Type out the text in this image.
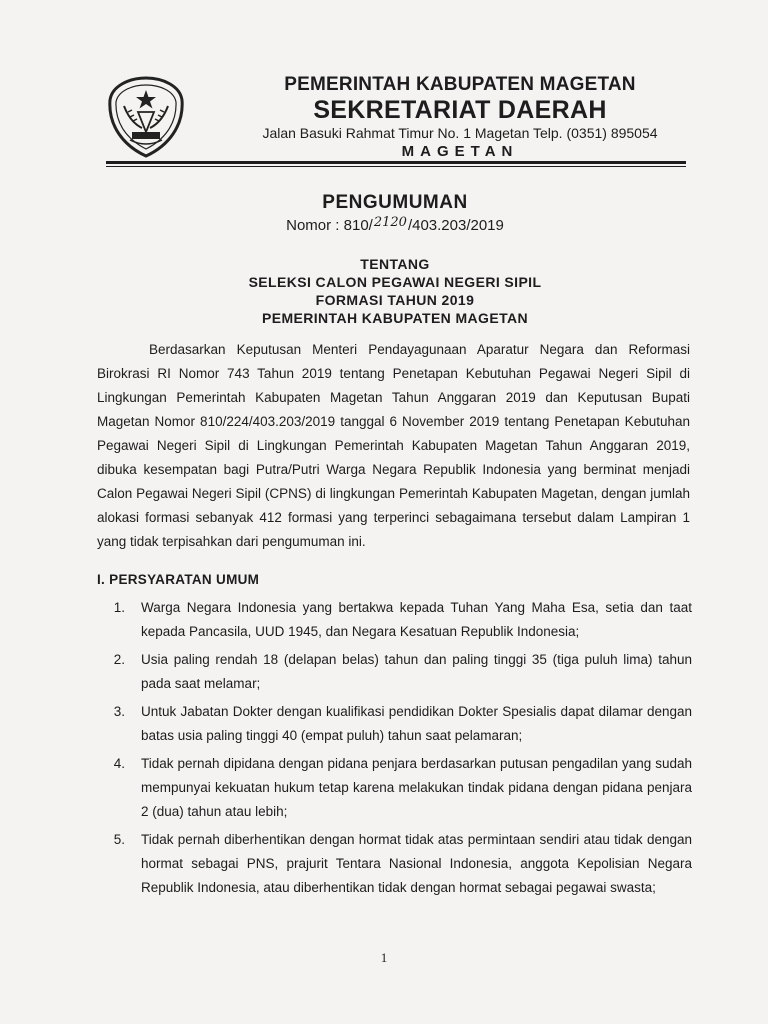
PEMERINTAH KABUPATEN MAGETAN
SEKRETARIAT DAERAH
Jalan Basuki Rahmat Timur No. 1 Magetan Telp. (0351) 895054
MAGETAN
PENGUMUMAN
Nomor : 810/2120/403.203/2019
TENTANG
SELEKSI CALON PEGAWAI NEGERI SIPIL
FORMASI TAHUN 2019
PEMERINTAH KABUPATEN MAGETAN

Berdasarkan Keputusan Menteri Pendayagunaan Aparatur Negara dan Reformasi Birokrasi RI Nomor 743 Tahun 2019 tentang Penetapan Kebutuhan Pegawai Negeri Sipil di Lingkungan Pemerintah Kabupaten Magetan Tahun Anggaran 2019 dan Keputusan Bupati Magetan Nomor 810/224/403.203/2019 tanggal 6 November 2019 tentang Penetapan Kebutuhan Pegawai Negeri Sipil di Lingkungan Pemerintah Kabupaten Magetan Tahun Anggaran 2019, dibuka kesempatan bagi Putra/Putri Warga Negara Republik Indonesia yang berminat menjadi Calon Pegawai Negeri Sipil (CPNS) di lingkungan Pemerintah Kabupaten Magetan, dengan jumlah alokasi formasi sebanyak 412 formasi yang terperinci sebagaimana tersebut dalam Lampiran 1 yang tidak terpisahkan dari pengumuman ini.

I. PERSYARATAN UMUM
1.	Warga Negara Indonesia yang bertakwa kepada Tuhan Yang Maha Esa, setia dan taat kepada Pancasila, UUD 1945, dan Negara Kesatuan Republik Indonesia;
2.	Usia paling rendah 18 (delapan belas) tahun dan paling tinggi 35 (tiga puluh lima) tahun pada saat melamar;
3.	Untuk Jabatan Dokter dengan kualifikasi pendidikan Dokter Spesialis dapat dilamar dengan batas usia paling tinggi 40 (empat puluh) tahun saat pelamaran;
4.	Tidak pernah dipidana dengan pidana penjara berdasarkan putusan pengadilan yang sudah mempunyai kekuatan hukum tetap karena melakukan tindak pidana dengan pidana penjara 2 (dua) tahun atau lebih;
5.	Tidak pernah diberhentikan dengan hormat tidak atas permintaan sendiri atau tidak dengan hormat sebagai PNS, prajurit Tentara Nasional Indonesia, anggota Kepolisian Negara Republik Indonesia, atau diberhentikan tidak dengan hormat sebagai pegawai swasta;
1
